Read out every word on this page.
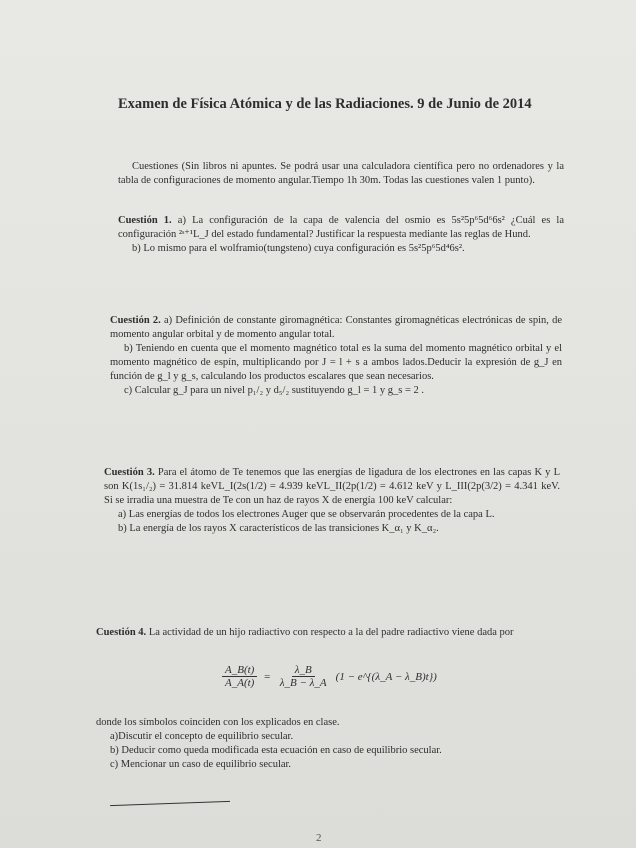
Examen de Física Atómica y de las Radiaciones. 9 de Junio de 2014

Cuestiones (Sin libros ni apuntes. Se podrá usar una calculadora científica pero no ordenadores y la tabla de configuraciones de momento angular.Tiempo 1h 30m. Todas las cuestiones valen 1 punto).

Cuestión 1. a) La configuración de la capa de valencia del osmio es 5s²5p⁶5d⁶6s² ¿Cuál es la configuración ²ˢ⁺¹L_J del estado fundamental? Justificar la respuesta mediante las reglas de Hund.

b) Lo mismo para el wolframio(tungsteno) cuya configuración es 5s²5p⁶5d⁴6s².

Cuestión 2. a) Definición de constante giromagnética: Constantes giromagnéticas electrónicas de spin, de momento angular orbital y de momento angular total.

b) Teniendo en cuenta que el momento magnético total es la suma del momento magnético orbital y el momento magnético de espín, multiplicando por J = l + s a ambos lados.Deducir la expresión de g_J en función de g_l y g_s, calculando los productos escalares que sean necesarios.

c) Calcular g_J para un nivel p₁/₂ y d₅/₂ sustituyendo g_l = 1 y g_s = 2 .

Cuestión 3. Para el átomo de Te tenemos que las energías de ligadura de los electrones en las capas K y L son K(1s₁/₂) = 31.814 keVL_I(2s(1/2) = 4.939 keVL_II(2p(1/2) = 4.612 keV y L_III(2p(3/2) = 4.341 keV. Si se irradia una muestra de Te con un haz de rayos X de energía 100 keV calcular:

a) Las energías de todos los electrones Auger que se observarán procedentes de la capa L.

b) La energía de los rayos X característicos de las transiciones K_α₁ y K_α₂.

Cuestión 4. La actividad de un hijo radiactivo con respecto a la del padre radiactivo viene dada por

$\frac{A\_B(t)}{A\_A(t)} = \frac{\lambda\_B}{\lambda\_B - \lambda\_A} (1$ − e^{(λ_A − λ_B)t})

donde los símbolos coinciden con los explicados en clase.

a)Discutir el concepto de equilibrio secular.

b) Deducir como queda modificada esta ecuación en caso de equilibrio secular.

c) Mencionar un caso de equilibrio secular.

2
